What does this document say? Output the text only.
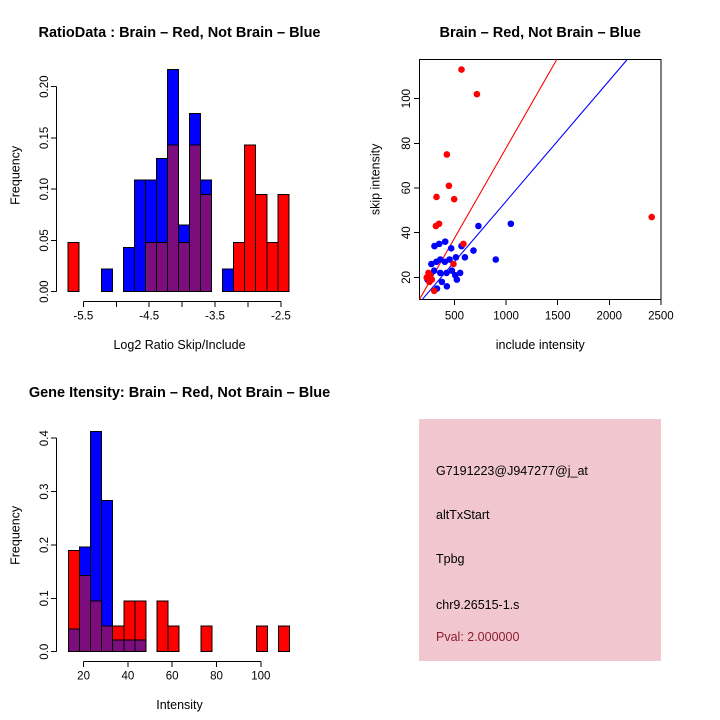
0.00
0.05
0.10
0.15
0.20
-5.5	-4.5	-3.5	-2.5
RatioData : Brain – Red, Not Brain – Blue
Log2 Ratio Skip/Include
Frequency
20
40
60
80
100
500	1000 1500 2000 2500
Brain – Red, Not Brain – Blue
include intensity
skip intensity
0.0
0.1
0.2
0.3
0.4
20	40	60	80 100
Gene Itensity: Brain – Red, Not Brain – Blue
Intensity
Frequency
G7191223@J947277@j_at
altTxStart
Tpbg
chr9.26515-1.s
Pval: 2.000000
